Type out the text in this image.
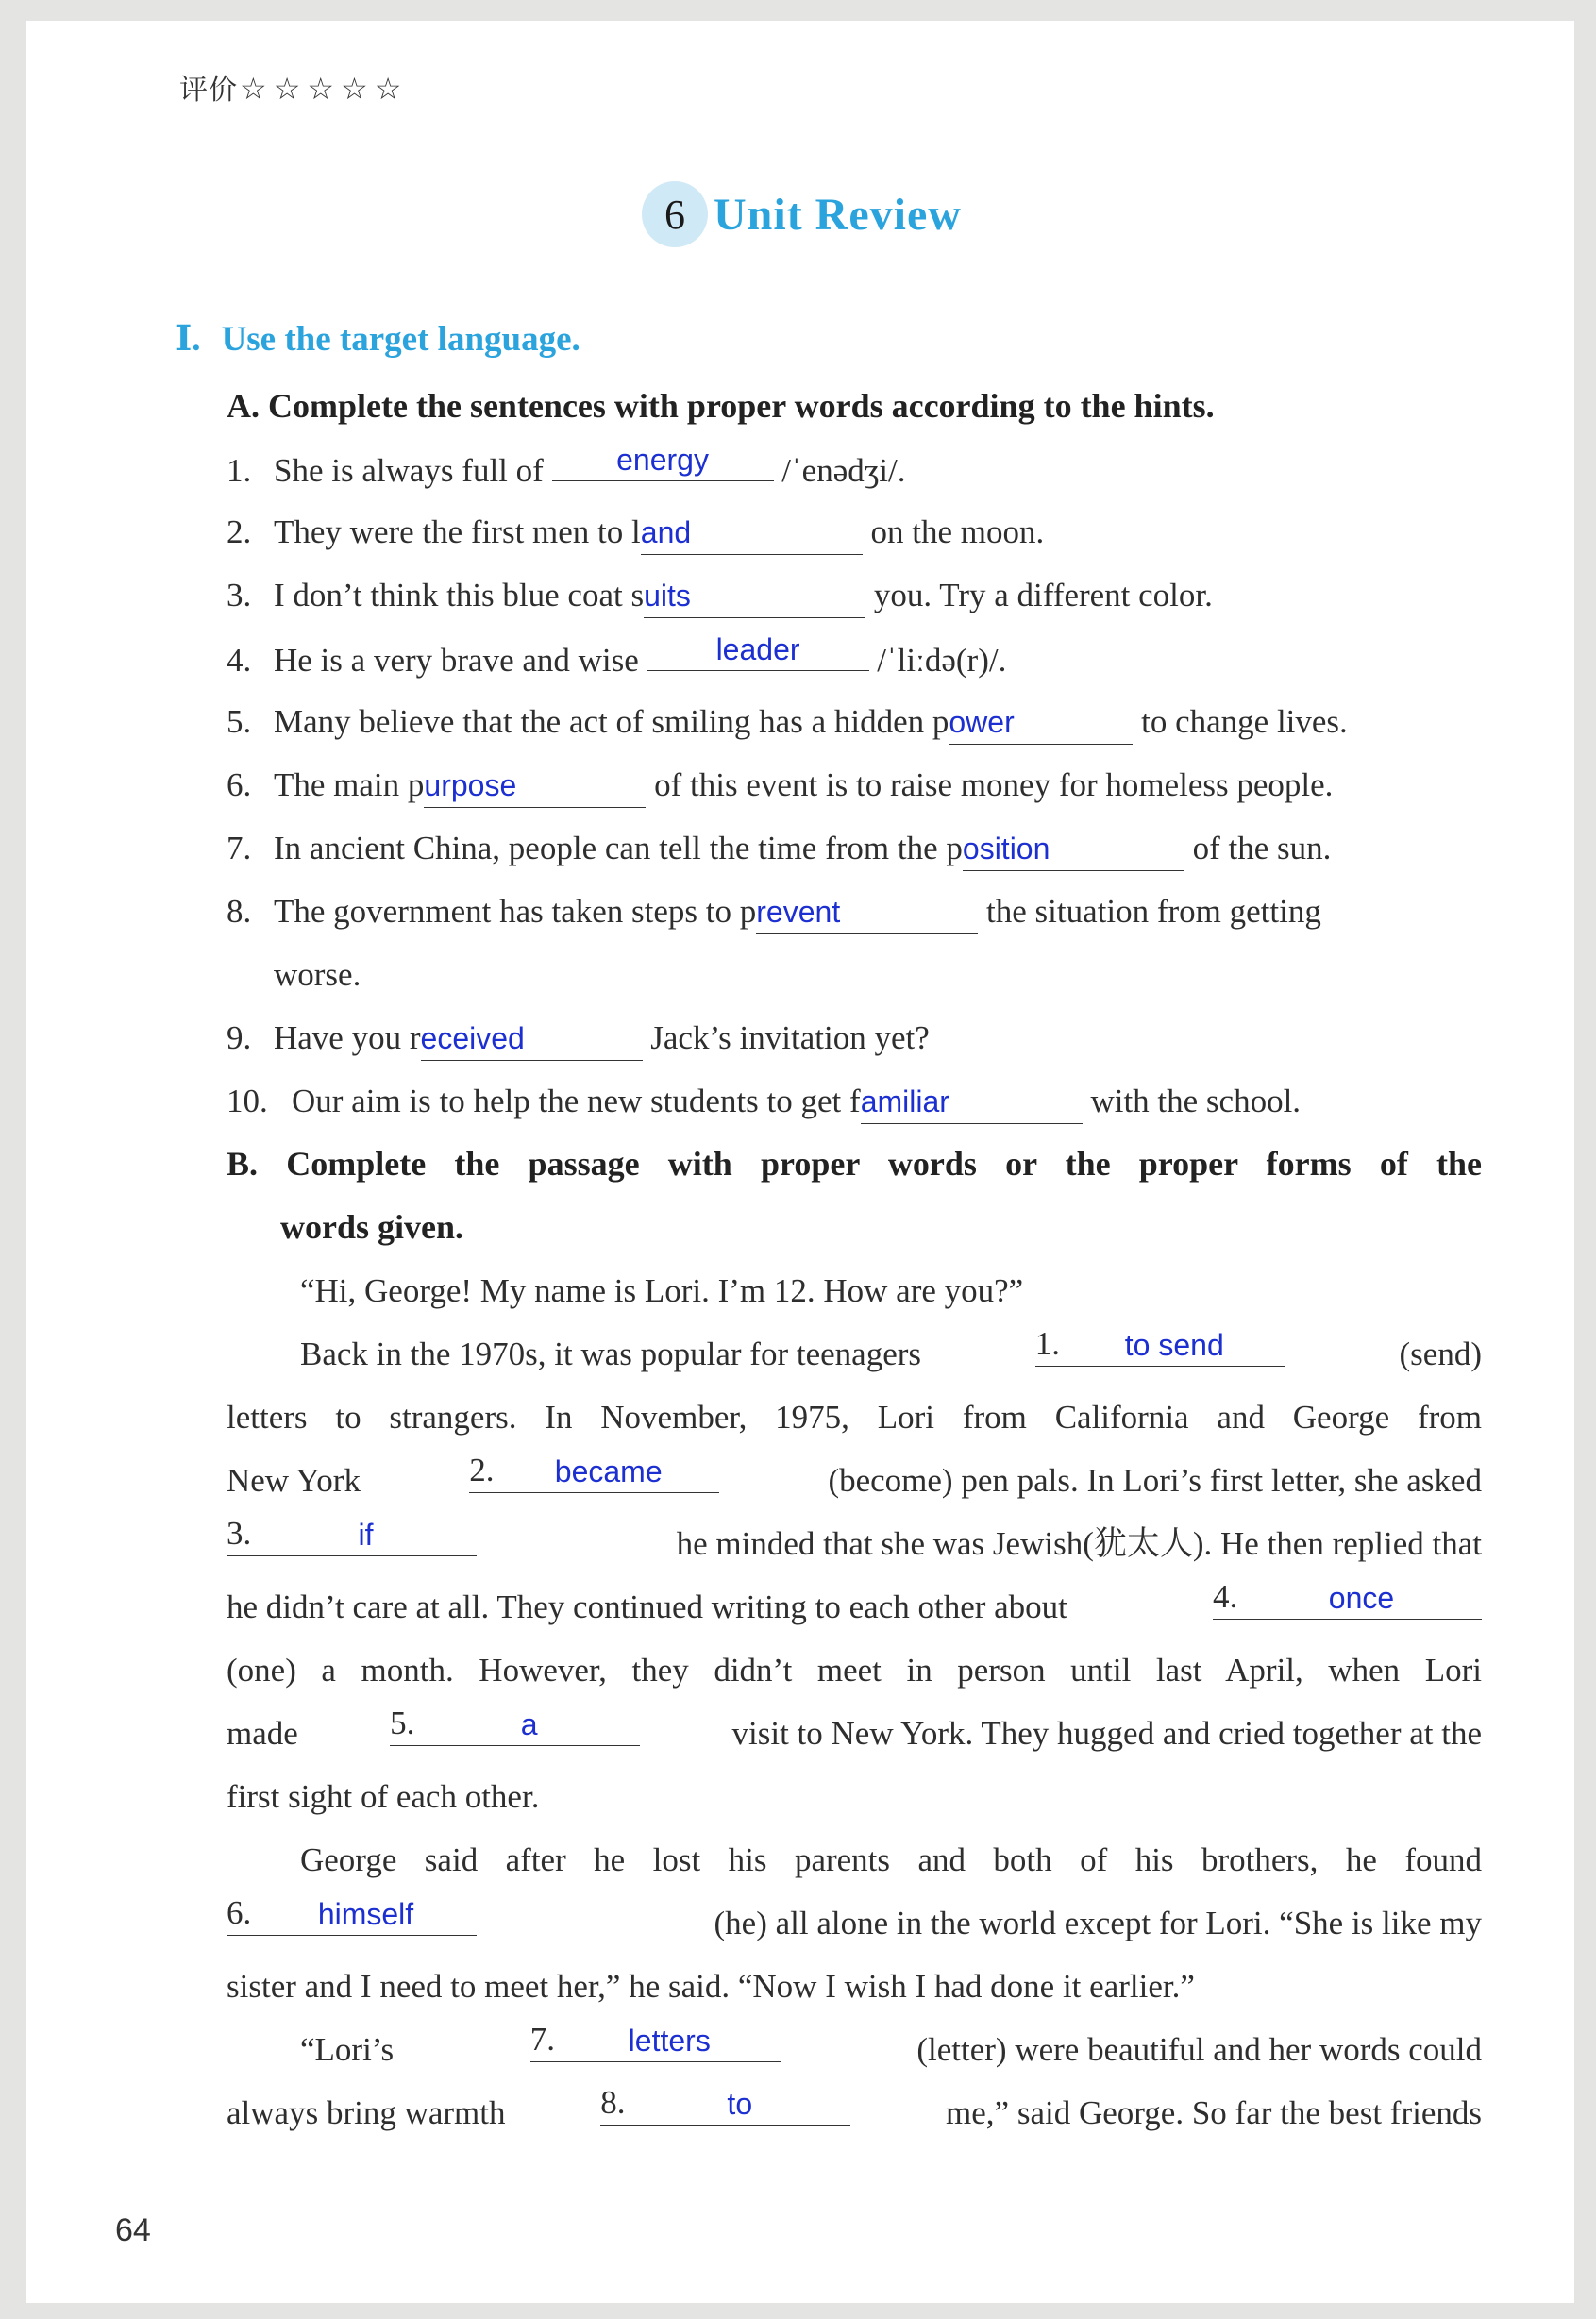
评价☆☆☆☆☆
6 Unit Review
Ⅰ. Use the target language.
A. Complete the sentences with proper words according to the hints.
1. She is always full of	energy	/ˈenədʒi/.
2. They were the first men to land	on the moon.
3. I don’t think this blue coat suits	you. Try a different color.
4. He is a very brave and wise	leader	/ˈliːdə(r)/.
5. Many believe that the act of smiling has a hidden power	to change lives.
6. The main purpose	of this event is to raise money for homeless people.
7. In ancient China, people can tell the time from the position	of the sun.
8. The government has taken steps to prevent	the situation from getting
worse.
9. Have you received	Jack’s invitation yet?
10. Our aim is to help the new students to get familiar	with the school.
B. Complete the passage with proper words or the proper forms of the
words given.
“Hi, George! My name is Lori. I’m 12. How are you?”
Back in the 1970s, it was popular for teenagers	1.	to send	(send)
letters to strangers. In November, 1975, Lori from California and George from
New York	2.	became	(become) pen pals. In Lori’s first letter, she asked
3.	if	he minded that she was Jewish(犹太人). He then replied that
he didn’t care at all. They continued writing to each other about	4.	once
(one) a month. However, they didn’t meet in person until last April, when Lori
made	5.	a	visit to New York. They hugged and cried together at the
first sight of each other.
George said after he lost his parents and both of his brothers, he found
6.	himself	(he) all alone in the world except for Lori. “She is like my
sister and I need to meet her,” he said. “Now I wish I had done it earlier.”
“Lori’s	7.	letters	(letter) were beautiful and her words could
always bring warmth	8.	to	me,” said George. So far the best friends
64
